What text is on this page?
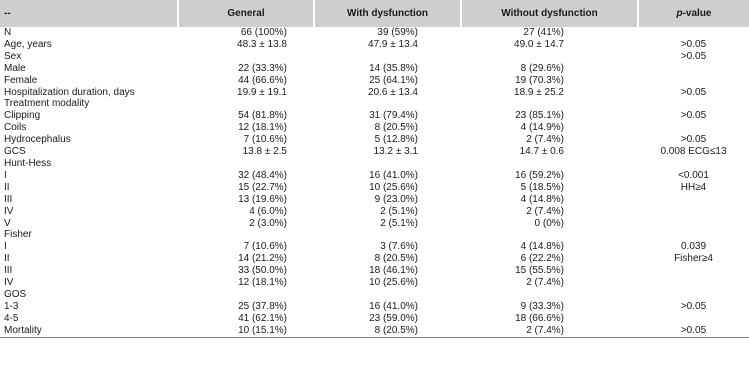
--	General	With dysfunction	Without dysfunction	p-value
N	66 (100%)	39 (59%)	27 (41%)	
Age, years	48.3 ± 13.8	47.9 ± 13.4	49.0 ± 14.7	>0.05
Sex				>0.05
Male	22 (33.3%)	14 (35.8%)	8 (29.6%)	
Female	44 (66.6%)	25 (64.1%)	19 (70.3%)	
Hospitalization duration, days	19.9 ± 19.1	20.6 ± 13.4	18.9 ± 25.2	>0.05
Treatment modality				
Clipping	54 (81.8%)	31 (79.4%)	23 (85.1%)	>0.05
Coils	12 (18.1%)	8 (20.5%)	4 (14.9%)	
Hydrocephalus	7 (10.6%)	5 (12.8%)	2 (7.4%)	>0.05
GCS	13.8 ± 2.5	13.2 ± 3.1	14.7 ± 0.6	0.008 ECG≤13
Hunt-Hess				
I	32 (48.4%)	16 (41.0%)	16 (59.2%)	<0.001
II	15 (22.7%)	10 (25.6%)	5 (18.5%)	HH≥4
III	13 (19.6%)	9 (23.0%)	4 (14.8%)	
IV	4 (6.0%)	2 (5.1%)	2 (7.4%)	
V	2 (3.0%)	2 (5.1%)	0 (0%)	
Fisher				
I	7 (10.6%)	3 (7.6%)	4 (14.8%)	0.039
II	14 (21.2%)	8 (20.5%)	6 (22.2%)	Fisher≥4
III	33 (50.0%)	18 (46.1%)	15 (55.5%)	
IV	12 (18.1%)	10 (25.6%)	2 (7.4%)	
GOS				
1-3	25 (37.8%)	16 (41.0%)	9 (33.3%)	>0.05
4-5	41 (62.1%)	23 (59.0%)	18 (66.6%)	
Mortality	10 (15.1%)	8 (20.5%)	2 (7.4%)	>0.05
